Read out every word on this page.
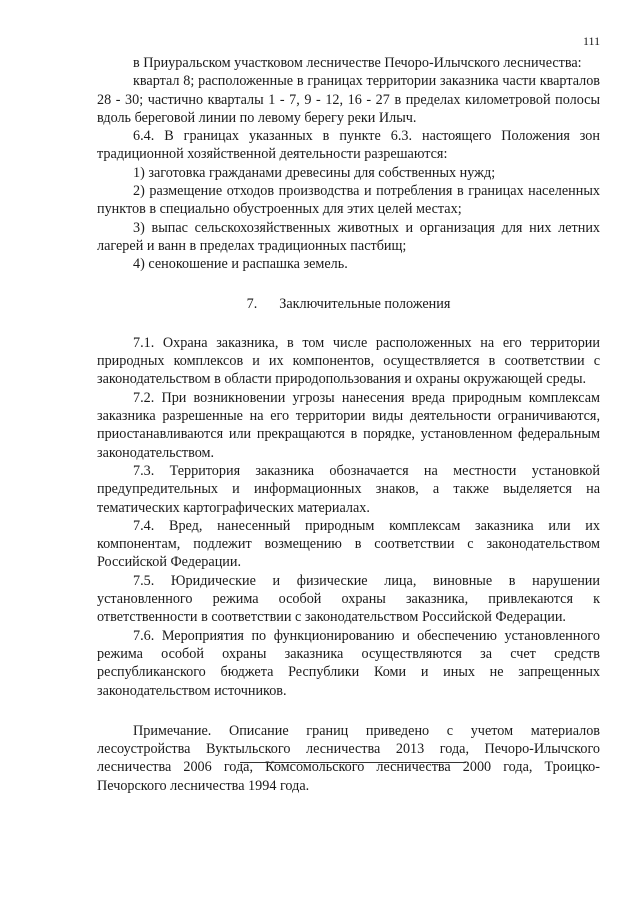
111

в Приуральском участковом лесничестве Печоро-Илычского лесничества:

квартал 8; расположенные в границах территории заказника части кварталов 28 - 30; частично кварталы 1 - 7, 9 - 12, 16 - 27 в пределах километровой полосы вдоль береговой линии по левому берегу реки Илыч.

6.4. В границах указанных в пункте 6.3. настоящего Положения зон традиционной хозяйственной деятельности разрешаются:

1) заготовка гражданами древесины для собственных нужд;

2) размещение отходов производства и потребления в границах населенных пунктов в специально обустроенных для этих целей местах;

3) выпас сельскохозяйственных животных и организация для них летних лагерей и ванн в пределах традиционных пастбищ;

4) сенокошение и распашка земель.

7. Заключительные положения

7.1. Охрана заказника, в том числе расположенных на его территории природных комплексов и их компонентов, осуществляется в соответствии с законодательством в области природопользования и охраны окружающей среды.

7.2. При возникновении угрозы нанесения вреда природным комплексам заказника разрешенные на его территории виды деятельности ограничиваются, приостанавливаются или прекращаются в порядке, установленном федеральным законодательством.

7.3. Территория заказника обозначается на местности установкой предупредительных и информационных знаков, а также выделяется на тематических картографических материалах.

7.4. Вред, нанесенный природным комплексам заказника или их компонентам, подлежит возмещению в соответствии с законодательством Российской Федерации.

7.5. Юридические и физические лица, виновные в нарушении установленного режима особой охраны заказника, привлекаются к ответственности в соответствии с законодательством Российской Федерации.

7.6. Мероприятия по функционированию и обеспечению установленного режима особой охраны заказника осуществляются за счет средств республиканского бюджета Республики Коми и иных не запрещенных законодательством источников.

Примечание. Описание границ приведено с учетом материалов лесоустройства Вуктыльского лесничества 2013 года, Печоро-Илычского лесничества 2006 года, Комсомольского лесничества 2000 года, Троицко-Печорского лесничества 1994 года.
